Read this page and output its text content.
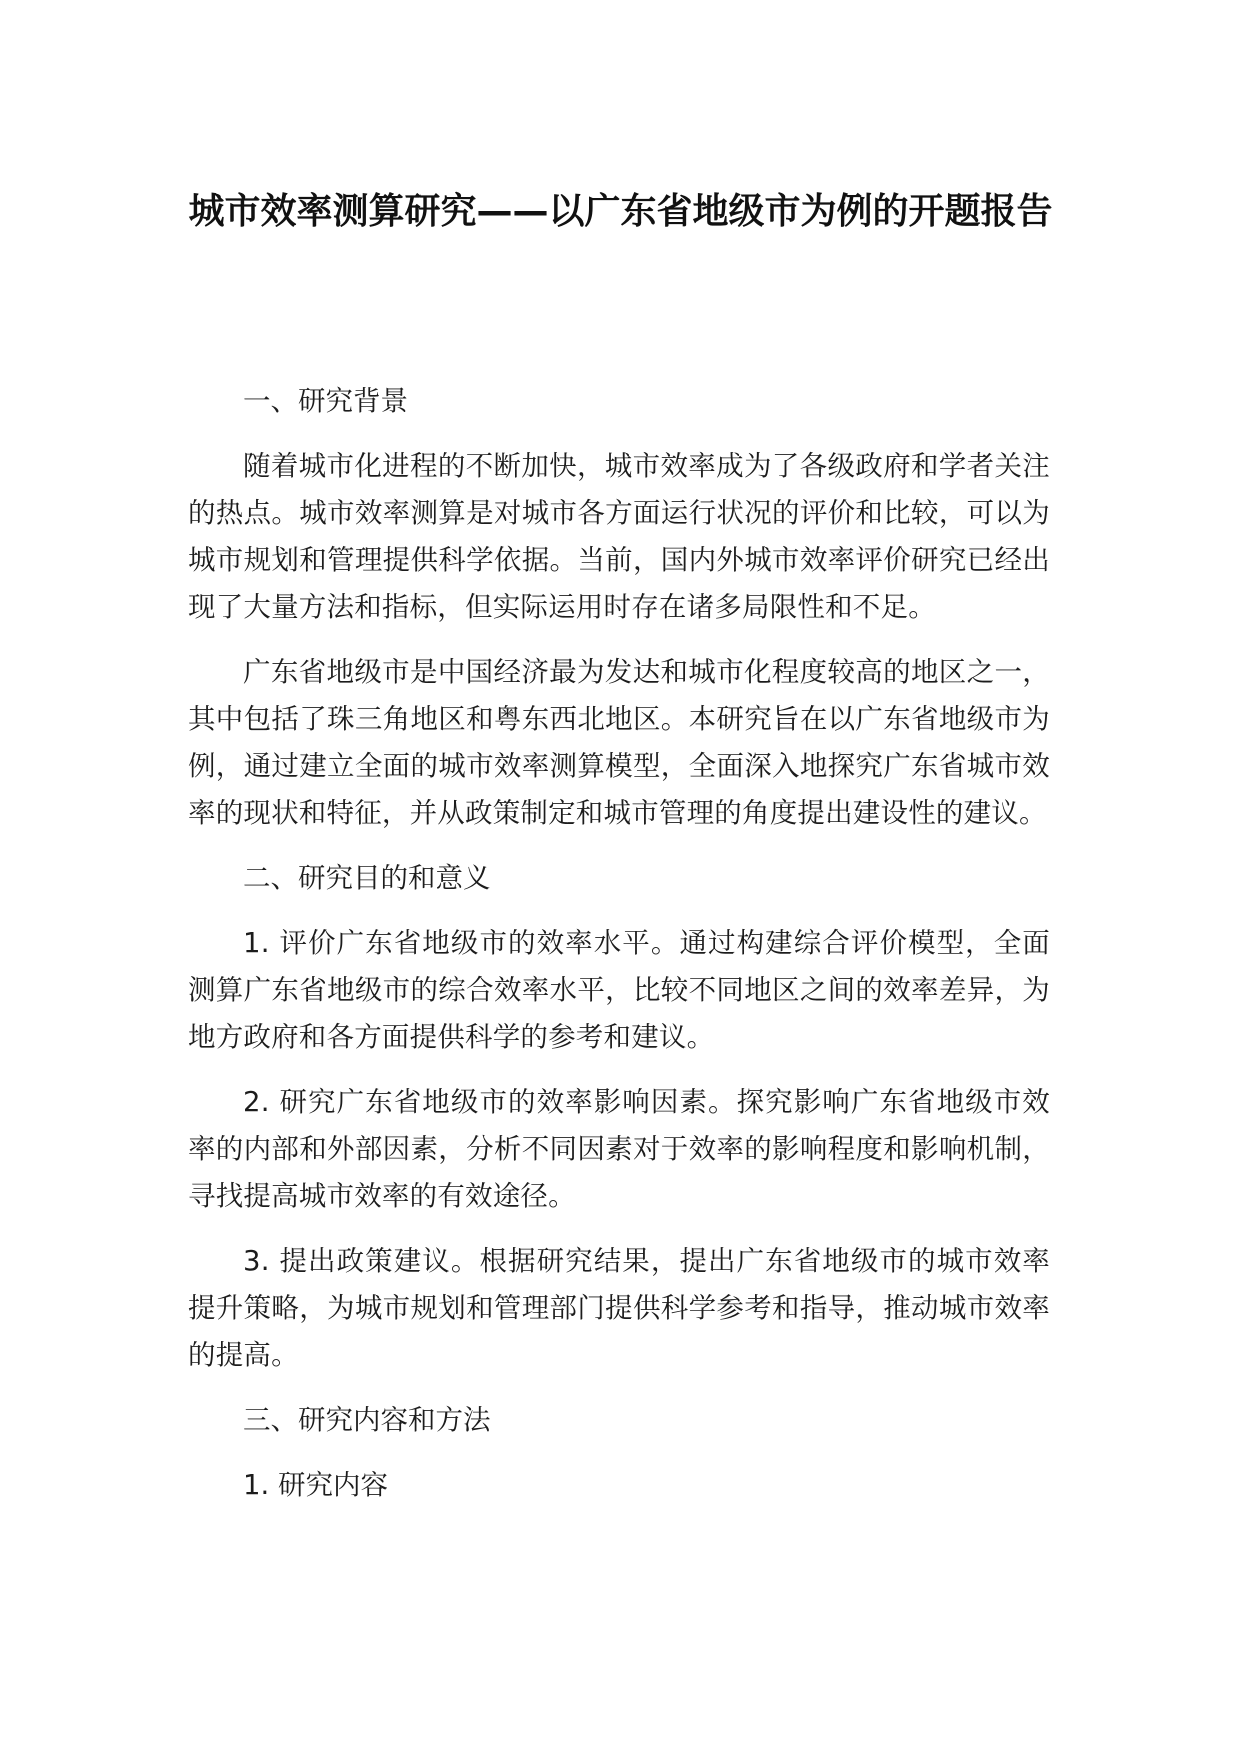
城市效率测算研究——以广东省地级市为例的开题报告

一、研究背景

随着城市化进程的不断加快，城市效率成为了各级政府和学者关注的热点。城市效率测算是对城市各方面运行状况的评价和比较，可以为城市规划和管理提供科学依据。当前，国内外城市效率评价研究已经出现了大量方法和指标，但实际运用时存在诸多局限性和不足。

广东省地级市是中国经济最为发达和城市化程度较高的地区之一，其中包括了珠三角地区和粤东西北地区。本研究旨在以广东省地级市为例，通过建立全面的城市效率测算模型，全面深入地探究广东省城市效率的现状和特征，并从政策制定和城市管理的角度提出建设性的建议。

二、研究目的和意义

1. 评价广东省地级市的效率水平。通过构建综合评价模型，全面测算广东省地级市的综合效率水平，比较不同地区之间的效率差异，为地方政府和各方面提供科学的参考和建议。

2. 研究广东省地级市的效率影响因素。探究影响广东省地级市效率的内部和外部因素，分析不同因素对于效率的影响程度和影响机制，寻找提高城市效率的有效途径。

3. 提出政策建议。根据研究结果，提出广东省地级市的城市效率提升策略，为城市规划和管理部门提供科学参考和指导，推动城市效率的提高。

三、研究内容和方法

1. 研究内容
